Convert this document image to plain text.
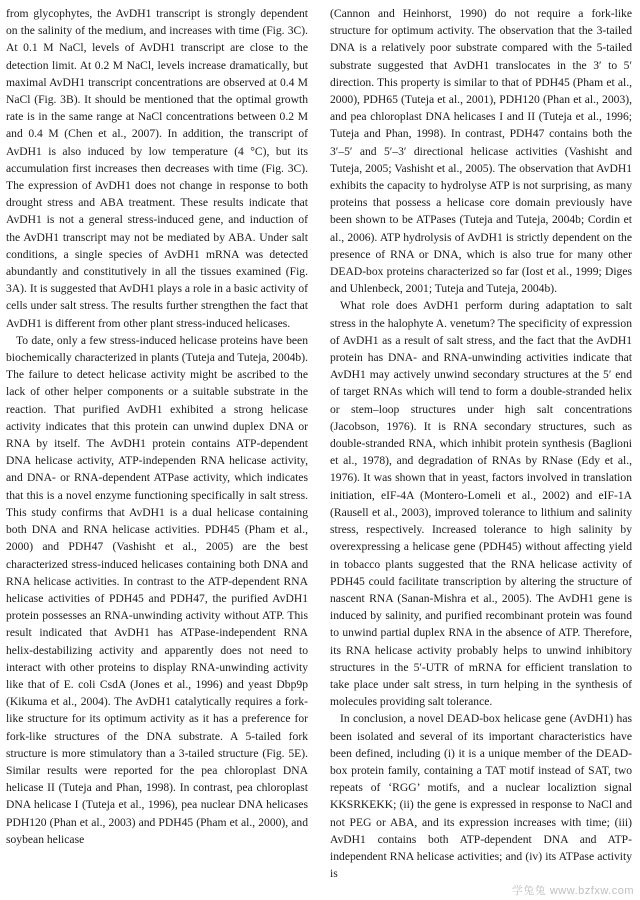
from glycophytes, the AvDH1 transcript is strongly dependent on the salinity of the medium, and increases with time (Fig. 3C). At 0.1 M NaCl, levels of AvDH1 transcript are close to the detection limit. At 0.2 M NaCl, levels increase dramatically, but maximal AvDH1 transcript concentrations are observed at 0.4 M NaCl (Fig. 3B). It should be mentioned that the optimal growth rate is in the same range at NaCl concentrations between 0.2 M and 0.4 M (Chen et al., 2007). In addition, the transcript of AvDH1 is also induced by low temperature (4 °C), but its accumulation first increases then decreases with time (Fig. 3C). The expression of AvDH1 does not change in response to both drought stress and ABA treatment. These results indicate that AvDH1 is not a general stress-induced gene, and induction of the AvDH1 transcript may not be mediated by ABA. Under salt conditions, a single species of AvDH1 mRNA was detected abundantly and constitutively in all the tissues examined (Fig. 3A). It is suggested that AvDH1 plays a role in a basic activity of cells under salt stress. The results further strengthen the fact that AvDH1 is different from other plant stress-induced helicases.

To date, only a few stress-induced helicase proteins have been biochemically characterized in plants (Tuteja and Tuteja, 2004b). The failure to detect helicase activity might be ascribed to the lack of other helper components or a suitable substrate in the reaction. That purified AvDH1 exhibited a strong helicase activity indicates that this protein can unwind duplex DNA or RNA by itself. The AvDH1 protein contains ATP-dependent DNA helicase activity, ATP-independen RNA helicase activity, and DNA- or RNA-dependent ATPase activity, which indicates that this is a novel enzyme functioning specifically in salt stress. This study confirms that AvDH1 is a dual helicase containing both DNA and RNA helicase activities. PDH45 (Pham et al., 2000) and PDH47 (Vashisht et al., 2005) are the best characterized stress-induced helicases containing both DNA and RNA helicase activities. In contrast to the ATP-dependent RNA helicase activities of PDH45 and PDH47, the purified AvDH1 protein possesses an RNA-unwinding activity without ATP. This result indicated that AvDH1 has ATPase-independent RNA helix-destabilizing activity and apparently does not need to interact with other proteins to display RNA-unwinding activity like that of E. coli CsdA (Jones et al., 1996) and yeast Dbp9p (Kikuma et al., 2004). The AvDH1 catalytically requires a fork-like structure for its optimum activity as it has a preference for fork-like structures of the DNA substrate. A 5-tailed fork structure is more stimulatory than a 3-tailed structure (Fig. 5E). Similar results were reported for the pea chloroplast DNA helicase II (Tuteja and Phan, 1998). In contrast, pea chloroplast DNA helicase I (Tuteja et al., 1996), pea nuclear DNA helicases PDH120 (Phan et al., 2003) and PDH45 (Pham et al., 2000), and soybean helicase

(Cannon and Heinhorst, 1990) do not require a fork-like structure for optimum activity. The observation that the 3-tailed DNA is a relatively poor substrate compared with the 5-tailed substrate suggested that AvDH1 translocates in the 3′ to 5′ direction. This property is similar to that of PDH45 (Pham et al., 2000), PDH65 (Tuteja et al., 2001), PDH120 (Phan et al., 2003), and pea chloroplast DNA helicases I and II (Tuteja et al., 1996; Tuteja and Phan, 1998). In contrast, PDH47 contains both the 3′–5′ and 5′–3′ directional helicase activities (Vashisht and Tuteja, 2005; Vashisht et al., 2005). The observation that AvDH1 exhibits the capacity to hydrolyse ATP is not surprising, as many proteins that possess a helicase core domain previously have been shown to be ATPases (Tuteja and Tuteja, 2004b; Cordin et al., 2006). ATP hydrolysis of AvDH1 is strictly dependent on the presence of RNA or DNA, which is also true for many other DEAD-box proteins characterized so far (Iost et al., 1999; Diges and Uhlenbeck, 2001; Tuteja and Tuteja, 2004b).

What role does AvDH1 perform during adaptation to salt stress in the halophyte A. venetum? The specificity of expression of AvDH1 as a result of salt stress, and the fact that the AvDH1 protein has DNA- and RNA-unwinding activities indicate that AvDH1 may actively unwind secondary structures at the 5′ end of target RNAs which will tend to form a double-stranded helix or stem–loop structures under high salt concentrations (Jacobson, 1976). It is RNA secondary structures, such as double-stranded RNA, which inhibit protein synthesis (Baglioni et al., 1978), and degradation of RNAs by RNase (Edy et al., 1976). It was shown that in yeast, factors involved in translation initiation, eIF-4A (Montero-Lomeli et al., 2002) and eIF-1A (Rausell et al., 2003), improved tolerance to lithium and salinity stress, respectively. Increased tolerance to high salinity by overexpressing a helicase gene (PDH45) without affecting yield in tobacco plants suggested that the RNA helicase activity of PDH45 could facilitate transcription by altering the structure of nascent RNA (Sanan-Mishra et al., 2005). The AvDH1 gene is induced by salinity, and purified recombinant protein was found to unwind partial duplex RNA in the absence of ATP. Therefore, its RNA helicase activity probably helps to unwind inhibitory structures in the 5′-UTR of mRNA for efficient translation to take place under salt stress, in turn helping in the synthesis of molecules providing salt tolerance.

In conclusion, a novel DEAD-box helicase gene (AvDH1) has been isolated and several of its important characteristics have been defined, including (i) it is a unique member of the DEAD-box protein family, containing a TAT motif instead of SAT, two repeats of ‘RGG’ motifs, and a nuclear localiztion signal KKSRKEKK; (ii) the gene is expressed in response to NaCl and not PEG or ABA, and its expression increases with time; (iii) AvDH1 contains both ATP-dependent DNA and ATP-independent RNA helicase activities; and (iv) its ATPase activity is

学兔兔 www.bzfxw.com
